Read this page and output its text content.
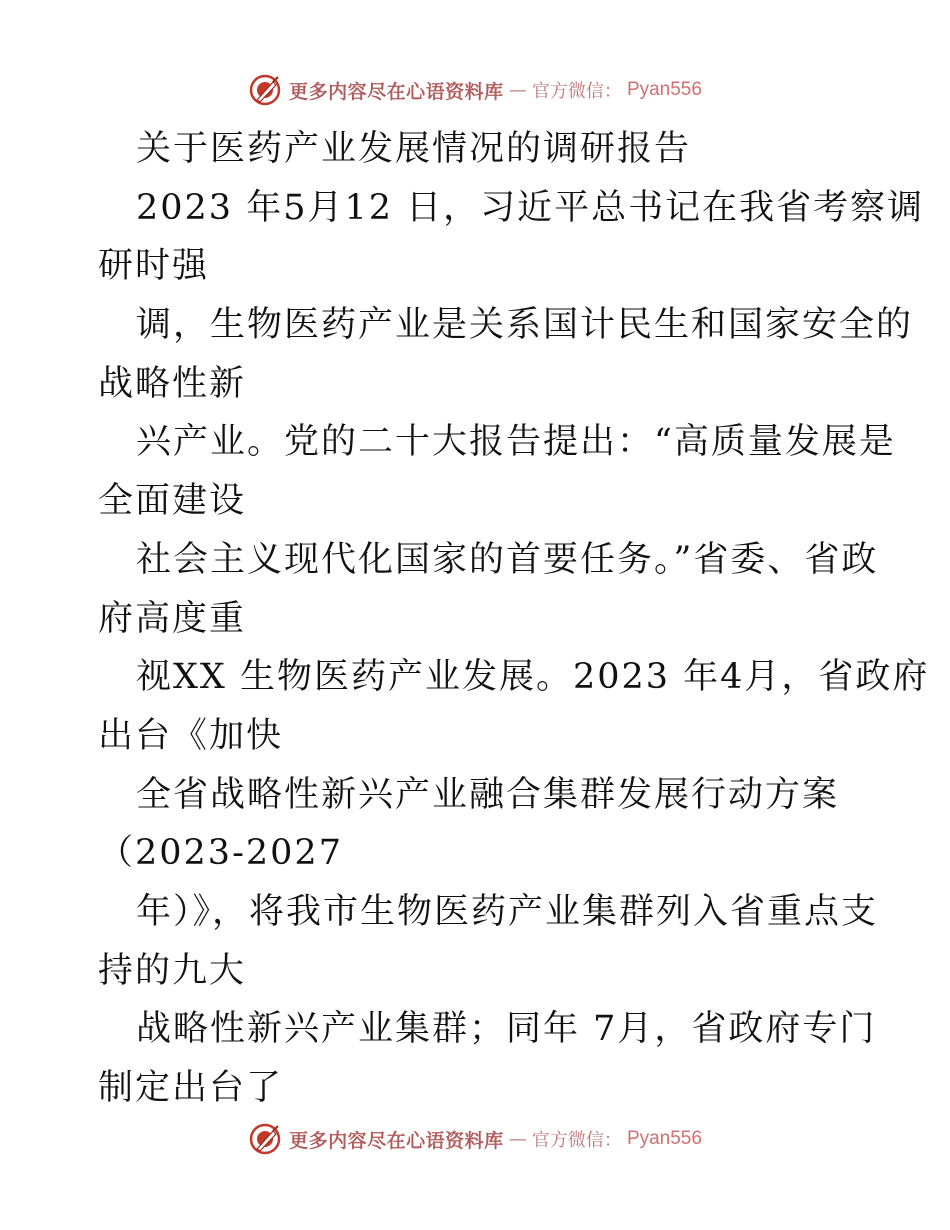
更多内容尽在心语资料库 — 官方微信： Pyan556
关于医药产业发展情况的调研报告
2023 年5月12 日，习近平总书记在我省考察调
研时强
调，生物医药产业是关系国计民生和国家安全的
战略性新
兴产业。党的二十大报告提出：“高质量发展是
全面建设
社会主义现代化国家的首要任务。”省委、省政
府高度重
视XX 生物医药产业发展。2023 年4月，省政府
出台《加快
全省战略性新兴产业融合集群发展行动方案
（2023-2027
年）》，将我市生物医药产业集群列入省重点支
持的九大
战略性新兴产业集群；同年 7月，省政府专门
制定出台了
更多内容尽在心语资料库 — 官方微信： Pyan556
